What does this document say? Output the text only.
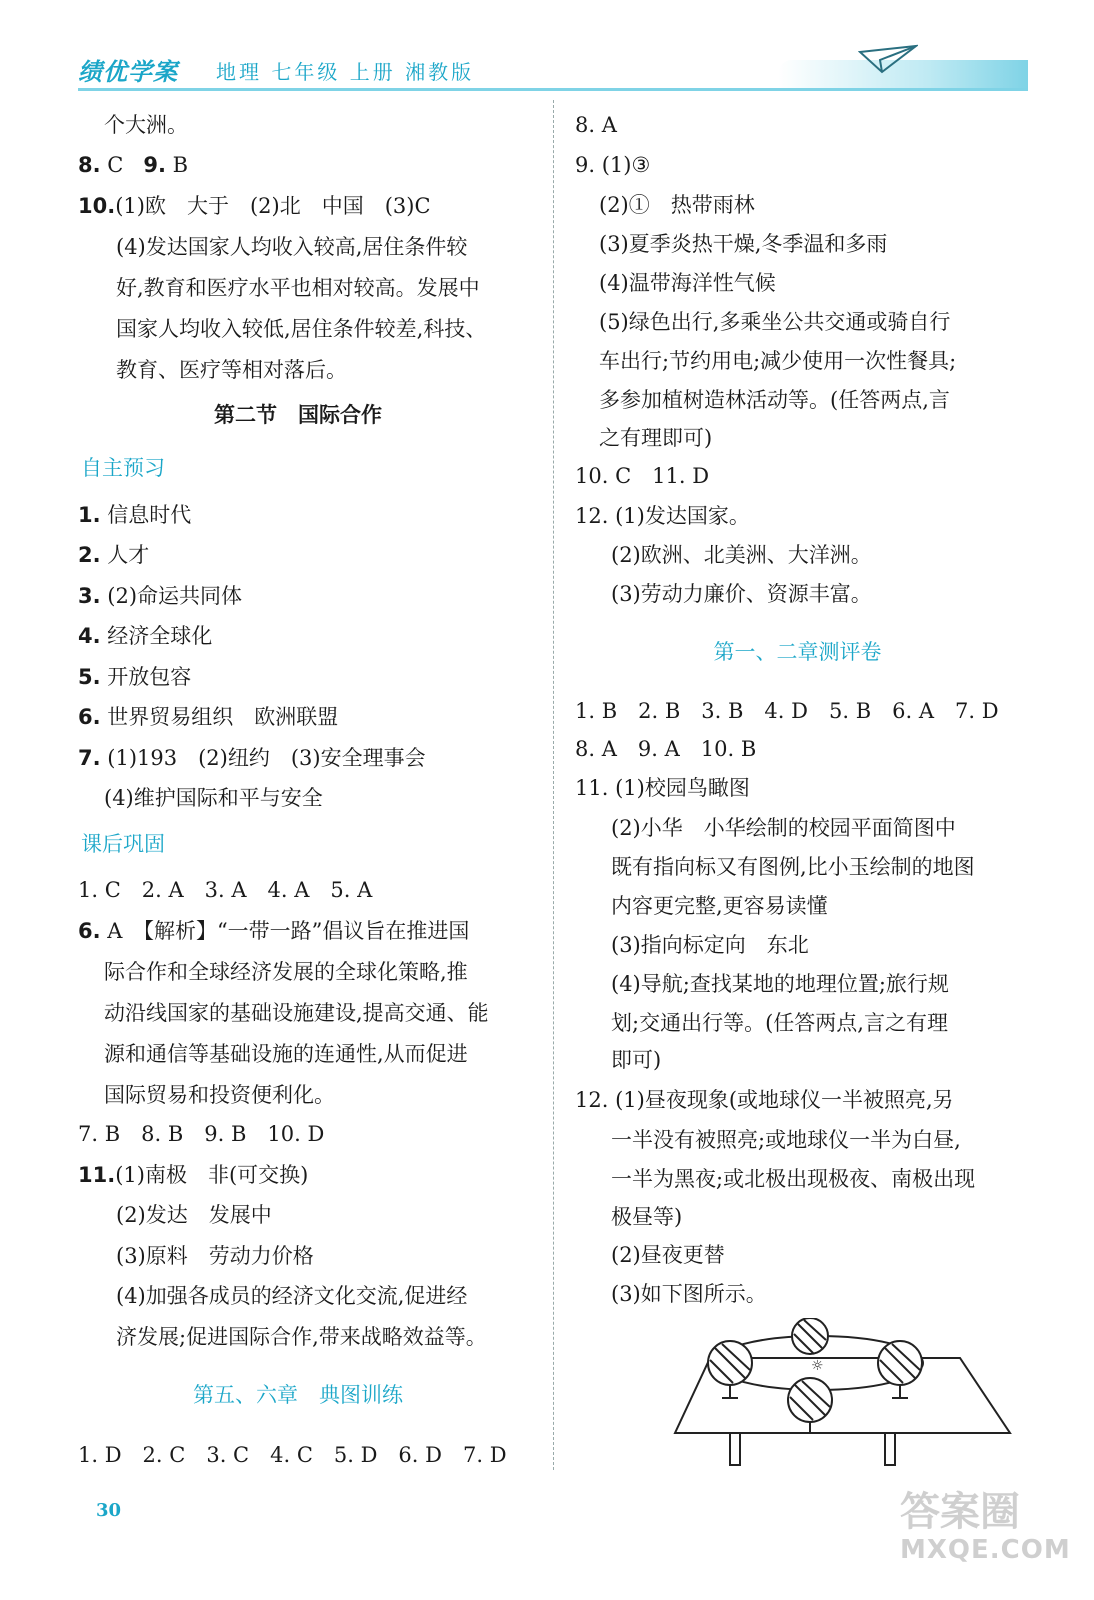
绩优学案 地理 七年级 上册 湘教版
个大洲。
8. C 9. B
10.(1)欧　大于　(2)北　中国　(3)C
(4)发达国家人均收入较高,居住条件较
好,教育和医疗水平也相对较高。发展中
国家人均收入较低,居住条件较差,科技、
教育、医疗等相对落后。
第二节　国际合作
自主预习
1. 信息时代
2. 人才
3. (2)命运共同体
4. 经济全球化
5. 开放包容
6. 世界贸易组织　欧洲联盟
7. (1)193　(2)纽约　(3)安全理事会
(4)维护国际和平与安全
课后巩固
1. C　2. A　3. A　4. A　5. A
6. A　【解析】“一带一路”倡议旨在推进国
际合作和全球经济发展的全球化策略,推
动沿线国家的基础设施建设,提高交通、能
源和通信等基础设施的连通性,从而促进
国际贸易和投资便利化。
7. B　8. B　9. B　10. D
11.(1)南极　非(可交换)
(2)发达　发展中
(3)原料　劳动力价格
(4)加强各成员的经济文化交流,促进经
济发展;促进国际合作,带来战略效益等。
第五、六章　典图训练
1. D　2. C　3. C　4. C　5. D　6. D　7. D
8. A
9. (1)③
(2)①　热带雨林
(3)夏季炎热干燥,冬季温和多雨
(4)温带海洋性气候
(5)绿色出行,多乘坐公共交通或骑自行
车出行;节约用电;减少使用一次性餐具;
多参加植树造林活动等。(任答两点,言
之有理即可)
10. C　11. D
12. (1)发达国家。
(2)欧洲、北美洲、大洋洲。
(3)劳动力廉价、资源丰富。
第一、二章测评卷
1. B　2. B　3. B　4. D　5. B　6. A　7. D
8. A　9. A　10. B
11. (1)校园鸟瞰图
(2)小华　小华绘制的校园平面简图中
既有指向标又有图例,比小玉绘制的地图
内容更完整,更容易读懂
(3)指向标定向　东北
(4)导航;查找某地的地理位置;旅行规
划;交通出行等。(任答两点,言之有理
即可)
12. (1)昼夜现象(或地球仪一半被照亮,另
一半没有被照亮;或地球仪一半为白昼,
一半为黑夜;或北极出现极夜、南极出现
极昼等)
(2)昼夜更替
(3)如下图所示。
☼
30	答案圈
MXQE.COM
